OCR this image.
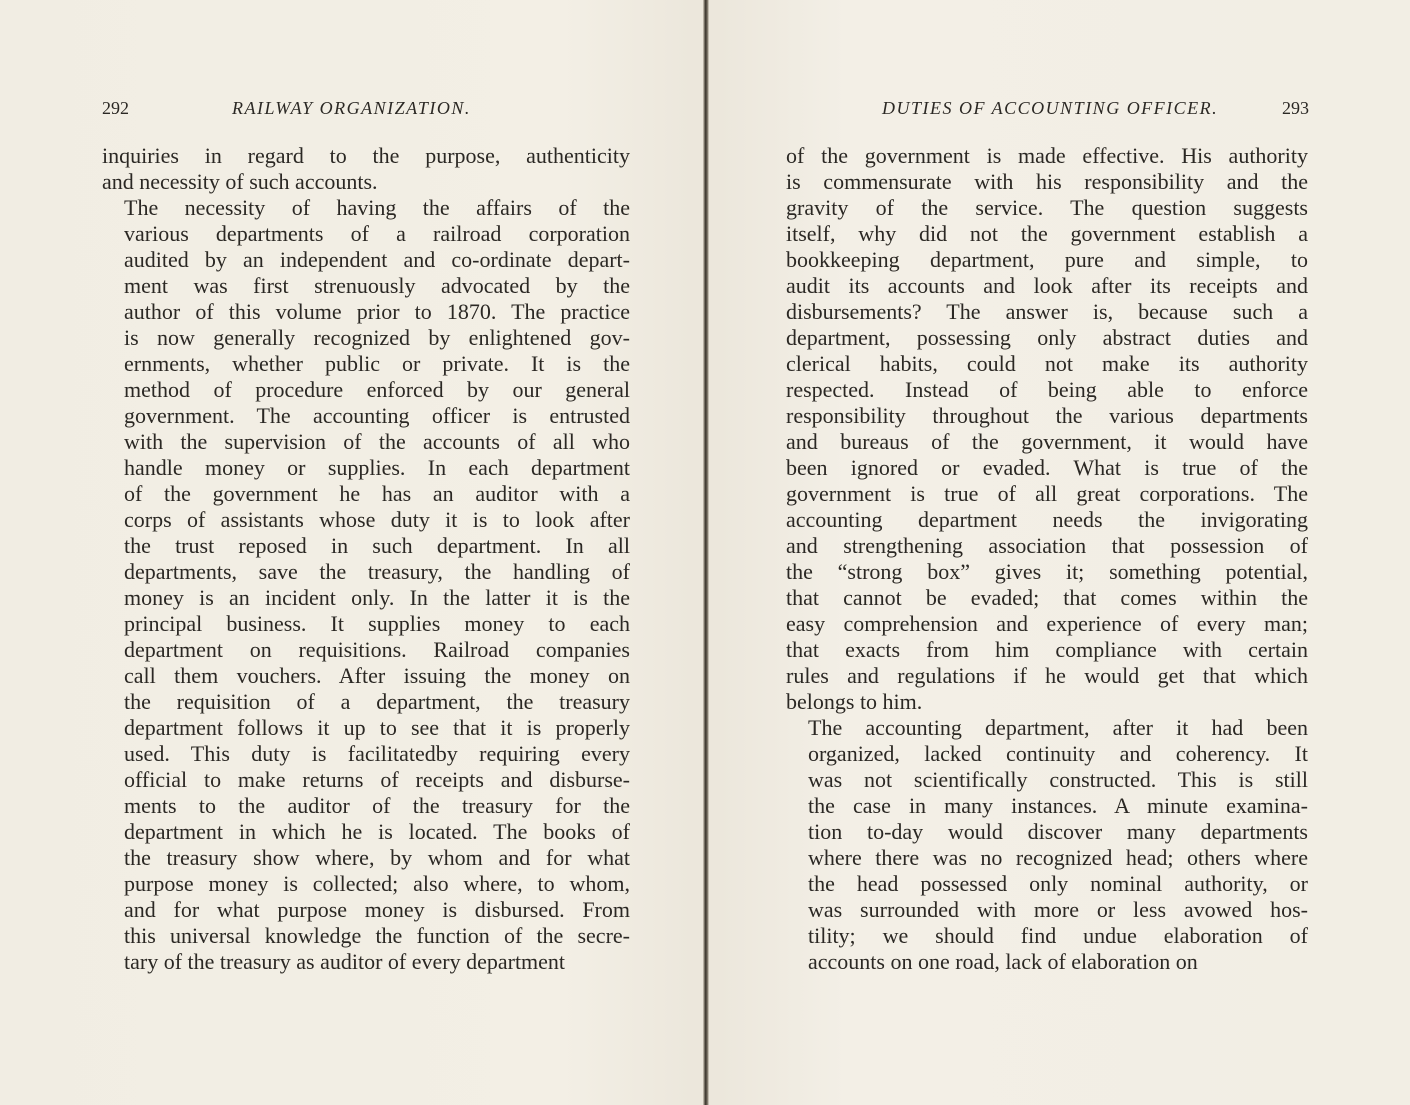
292	RAILWAY ORGANIZATION.

inquiries in regard to the purpose, authenticity
and necessity of such accounts.

The necessity of having the affairs of the
various departments of a railroad corporation
audited by an independent and co-ordinate depart-
ment was first strenuously advocated by the
author of this volume prior to 1870. The practice
is now generally recognized by enlightened gov-
ernments, whether public or private. It is the
method of procedure enforced by our general
government. The accounting officer is entrusted
with the supervision of the accounts of all who
handle money or supplies. In each department
of the government he has an auditor with a
corps of assistants whose duty it is to look after
the trust reposed in such department. In all
departments, save the treasury, the handling of
money is an incident only. In the latter it is the
principal business. It supplies money to each
department on requisitions. Railroad companies
call them vouchers. After issuing the money on
the requisition of a department, the treasury
department follows it up to see that it is properly
used. This duty is facilitatedby requiring every
official to make returns of receipts and disburse-
ments to the auditor of the treasury for the
department in which he is located. The books of
the treasury show where, by whom and for what
purpose money is collected; also where, to whom,
and for what purpose money is disbursed. From
this universal knowledge the function of the secre-
tary of the treasury as auditor of every department

DUTIES OF ACCOUNTING OFFICER.	293

of the government is made effective. His authority
is commensurate with his responsibility and the
gravity of the service. The question suggests
itself, why did not the government establish a
bookkeeping department, pure and simple, to
audit its accounts and look after its receipts and
disbursements? The answer is, because such a
department, possessing only abstract duties and
clerical habits, could not make its authority
respected. Instead of being able to enforce
responsibility throughout the various departments
and bureaus of the government, it would have
been ignored or evaded. What is true of the
government is true of all great corporations. The
accounting department needs the invigorating
and strengthening association that possession of
the “strong box” gives it; something potential,
that cannot be evaded; that comes within the
easy comprehension and experience of every man;
that exacts from him compliance with certain
rules and regulations if he would get that which
belongs to him.

The accounting department, after it had been
organized, lacked continuity and coherency. It
was not scientifically constructed. This is still
the case in many instances. A minute examina-
tion to-day would discover many departments
where there was no recognized head; others where
the head possessed only nominal authority, or
was surrounded with more or less avowed hos-
tility; we should find undue elaboration of
accounts on one road, lack of elaboration on
